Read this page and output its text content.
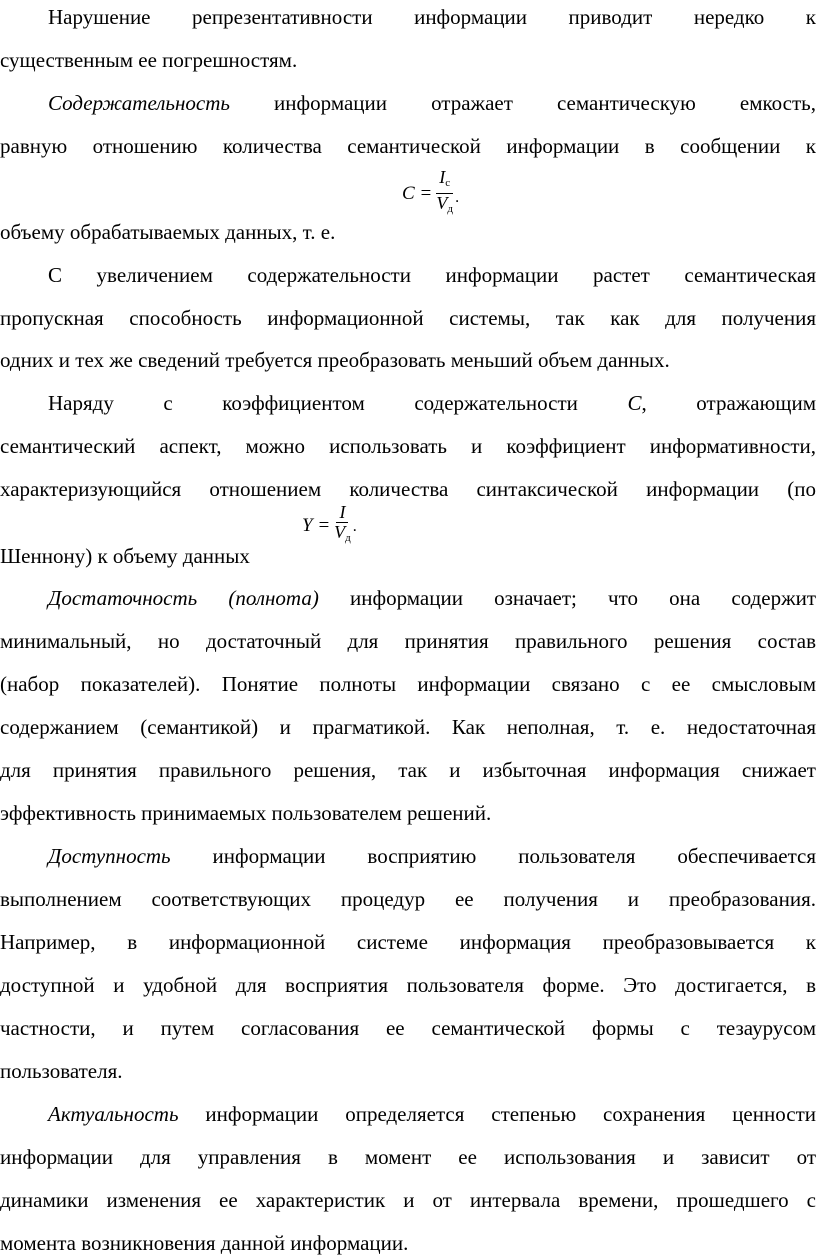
Нарушение репрезентативности информации приводит нередко к
существенным ее погрешностям.
Содержательность информации отражает семантическую емкость,
равную отношению количества семантической информации в сообщении к
объему обрабатываемых данных, т. е.
$C = \frac{I_c}{V_д}$ .
С увеличением содержательности информации растет семантическая
пропускная способность информационной системы, так как для получения
одних и тех же сведений требуется преобразовать меньший объем данных.
Наряду с коэффициентом содержательности C, отражающим
семантический аспект, можно использовать и коэффициент информативности,
характеризующийся отношением количества синтаксической информации (по
Шеннону) к объему данных
$Y = \frac{I}{V_д}$ .
Достаточность (полнота) информации означает; что она содержит
минимальный, но достаточный для принятия правильного решения состав
(набор показателей). Понятие полноты информации связано с ее смысловым
содержанием (семантикой) и прагматикой. Как неполная, т. е. недостаточная
для принятия правильного решения, так и избыточная информация снижает
эффективность принимаемых пользователем решений.
Доступность информации восприятию пользователя обеспечивается
выполнением соответствующих процедур ее получения и преобразования.
Например, в информационной системе информация преобразовывается к
доступной и удобной для восприятия пользователя форме. Это достигается, в
частности, и путем согласования ее семантической формы с тезаурусом
пользователя.
Актуальность информации определяется степенью сохранения ценности
информации для управления в момент ее использования и зависит от
динамики изменения ее характеристик и от интервала времени, прошедшего с
момента возникновения данной информации.
